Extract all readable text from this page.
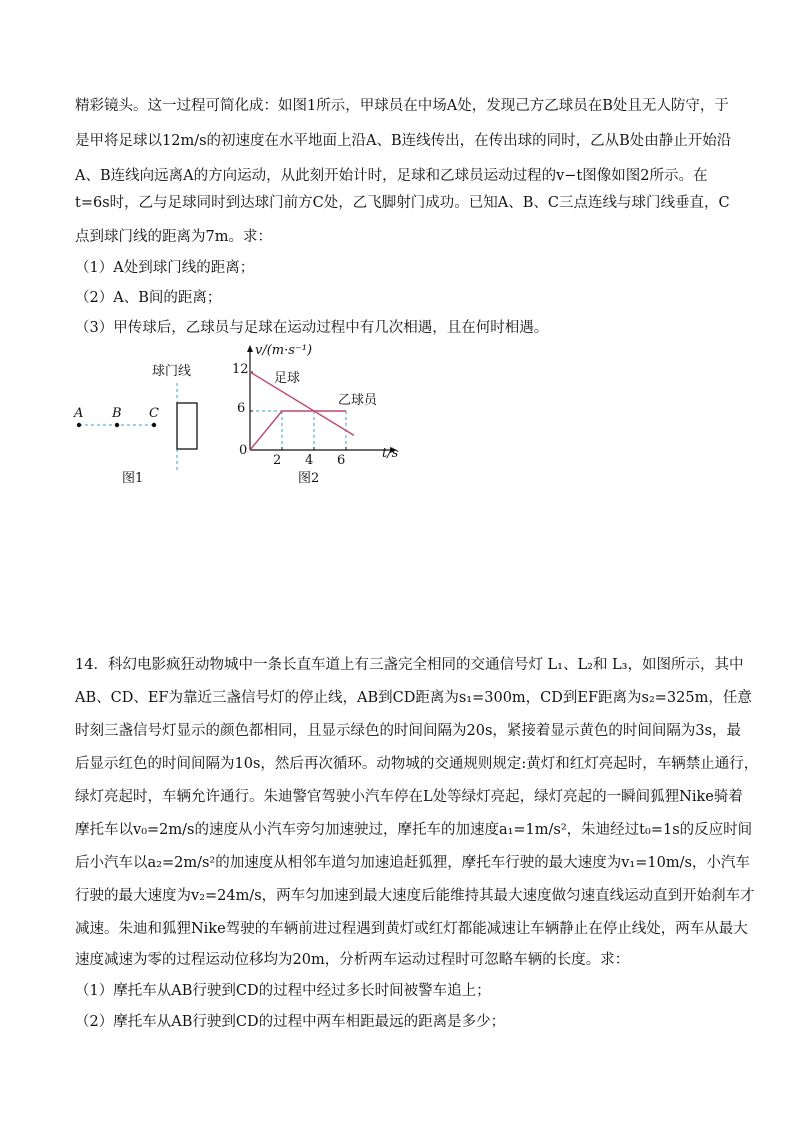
精彩镜头。这一过程可简化成：如图1所示，甲球员在中场A处，发现己方乙球员在B处且无人防守，于
是甲将足球以12m/s的初速度在水平地面上沿A、B连线传出，在传出球的同时，乙从B处由静止开始沿
A、B连线向远离A的方向运动，从此刻开始计时，足球和乙球员运动过程的v−t图像如图2所示。在
t=6s时，乙与足球同时到达球门前方C处，乙飞脚射门成功。已知A、B、C三点连线与球门线垂直，C
点到球门线的距离为7m。求：
（1）A处到球门线的距离；
（2）A、B间的距离；
（3）甲传球后，乙球员与足球在运动过程中有几次相遇，且在何时相遇。
球门线
A B C
图1
v/(m·s⁻¹)
t/s
0
6
12
2 4 6
足球
乙球员
图2
14．科幻电影疯狂动物城中一条长直车道上有三盏完全相同的交通信号灯 L₁、L₂和 L₃，如图所示，其中
AB、CD、EF为靠近三盏信号灯的停止线，AB到CD距离为s₁=300m，CD到EF距离为s₂=325m，任意
时刻三盏信号灯显示的颜色都相同，且显示绿色的时间间隔为20s，紧接着显示黄色的时间间隔为3s，最
后显示红色的时间间隔为10s，然后再次循环。动物城的交通规则规定:黄灯和红灯亮起时，车辆禁止通行，
绿灯亮起时，车辆允许通行。朱迪警官驾驶小汽车停在L处等绿灯亮起，绿灯亮起的一瞬间狐狸Nike骑着
摩托车以v₀=2m/s的速度从小汽车旁匀加速驶过，摩托车的加速度a₁=1m/s²，朱迪经过t₀=1s的反应时间
后小汽车以a₂=2m/s²的加速度从相邻车道匀加速追赶狐狸，摩托车行驶的最大速度为v₁=10m/s，小汽车
行驶的最大速度为v₂=24m/s，两车匀加速到最大速度后能维持其最大速度做匀速直线运动直到开始刹车才
减速。朱迪和狐狸Nike驾驶的车辆前进过程遇到黄灯或红灯都能减速让车辆静止在停止线处，两车从最大
速度减速为零的过程运动位移均为20m，分析两车运动过程时可忽略车辆的长度。求：
（1）摩托车从AB行驶到CD的过程中经过多长时间被警车追上；
（2）摩托车从AB行驶到CD的过程中两车相距最远的距离是多少；
